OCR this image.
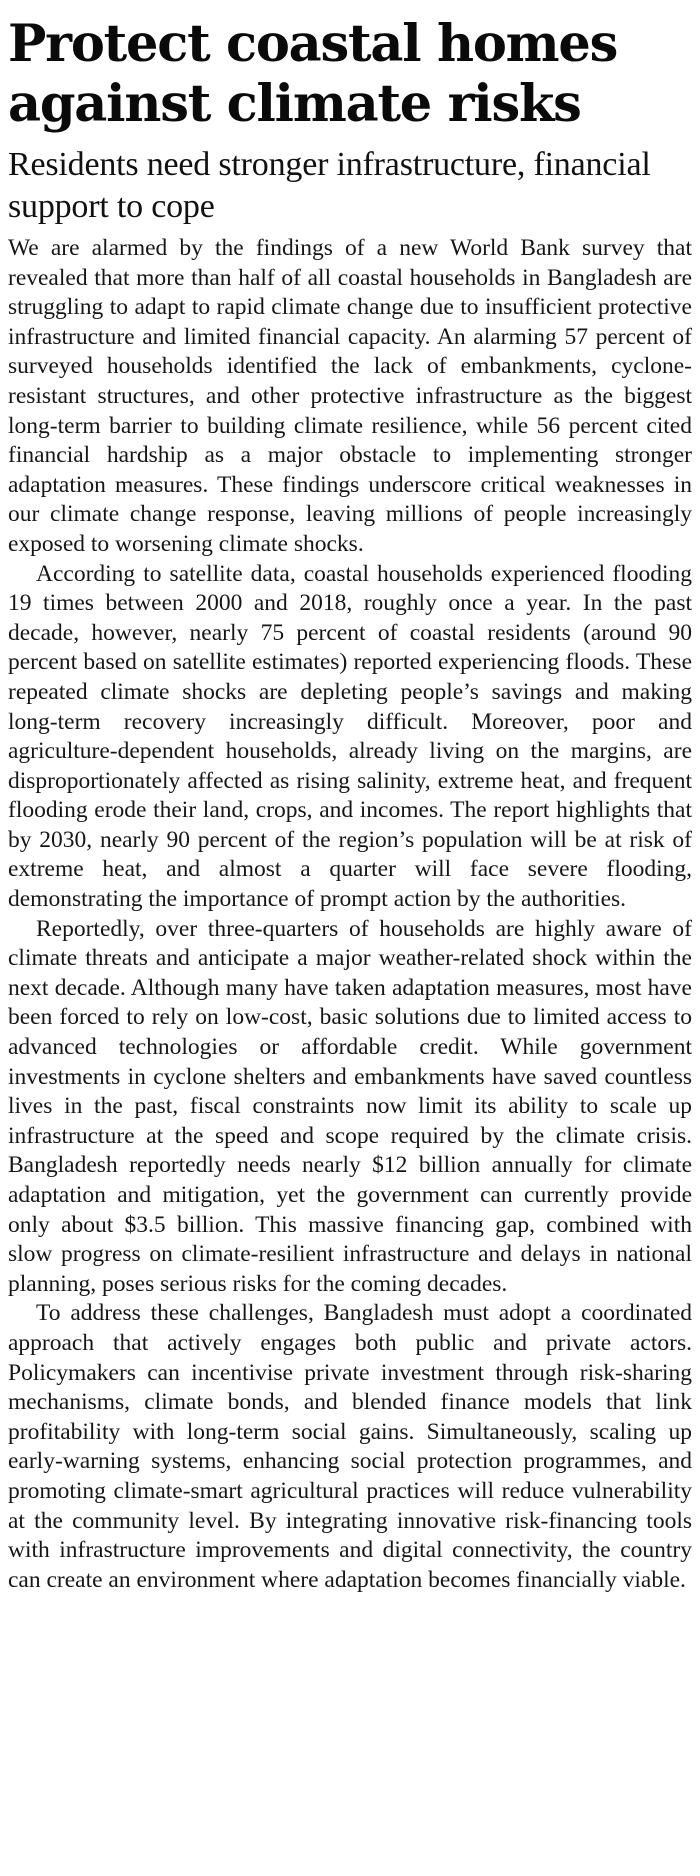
Protect coastal homes against climate risks
Residents need stronger infrastructure, financial support to cope

We are alarmed by the findings of a new World Bank survey that revealed that more than half of all coastal households in Bangladesh are struggling to adapt to rapid climate change due to insufficient protective infrastructure and limited financial capacity. An alarming 57 percent of surveyed households identified the lack of embankments, cyclone-resistant structures, and other protective infrastructure as the biggest long-term barrier to building climate resilience, while 56 percent cited financial hardship as a major obstacle to implementing stronger adaptation measures. These findings underscore critical weaknesses in our climate change response, leaving millions of people increasingly exposed to worsening climate shocks.

According to satellite data, coastal households experienced flooding 19 times between 2000 and 2018, roughly once a year. In the past decade, however, nearly 75 percent of coastal residents (around 90 percent based on satellite estimates) reported experiencing floods. These repeated climate shocks are depleting people’s savings and making long-term recovery increasingly difficult. Moreover, poor and agriculture-dependent households, already living on the margins, are disproportionately affected as rising salinity, extreme heat, and frequent flooding erode their land, crops, and incomes. The report highlights that by 2030, nearly 90 percent of the region’s population will be at risk of extreme heat, and almost a quarter will face severe flooding, demonstrating the importance of prompt action by the authorities.

Reportedly, over three-quarters of households are highly aware of climate threats and anticipate a major weather-related shock within the next decade. Although many have taken adaptation measures, most have been forced to rely on low-cost, basic solutions due to limited access to advanced technologies or affordable credit. While government investments in cyclone shelters and embankments have saved countless lives in the past, fiscal constraints now limit its ability to scale up infrastructure at the speed and scope required by the climate crisis. Bangladesh reportedly needs nearly $12 billion annually for climate adaptation and mitigation, yet the government can currently provide only about $3.5 billion. This massive financing gap, combined with slow progress on climate-resilient infrastructure and delays in national planning, poses serious risks for the coming decades.

To address these challenges, Bangladesh must adopt a coordinated approach that actively engages both public and private actors. Policymakers can incentivise private investment through risk-sharing mechanisms, climate bonds, and blended finance models that link profitability with long-term social gains. Simultaneously, scaling up early-warning systems, enhancing social protection programmes, and promoting climate-smart agricultural practices will reduce vulnerability at the community level. By integrating innovative risk-financing tools with infrastructure improvements and digital connectivity, the country can create an environment where adaptation becomes financially viable.
